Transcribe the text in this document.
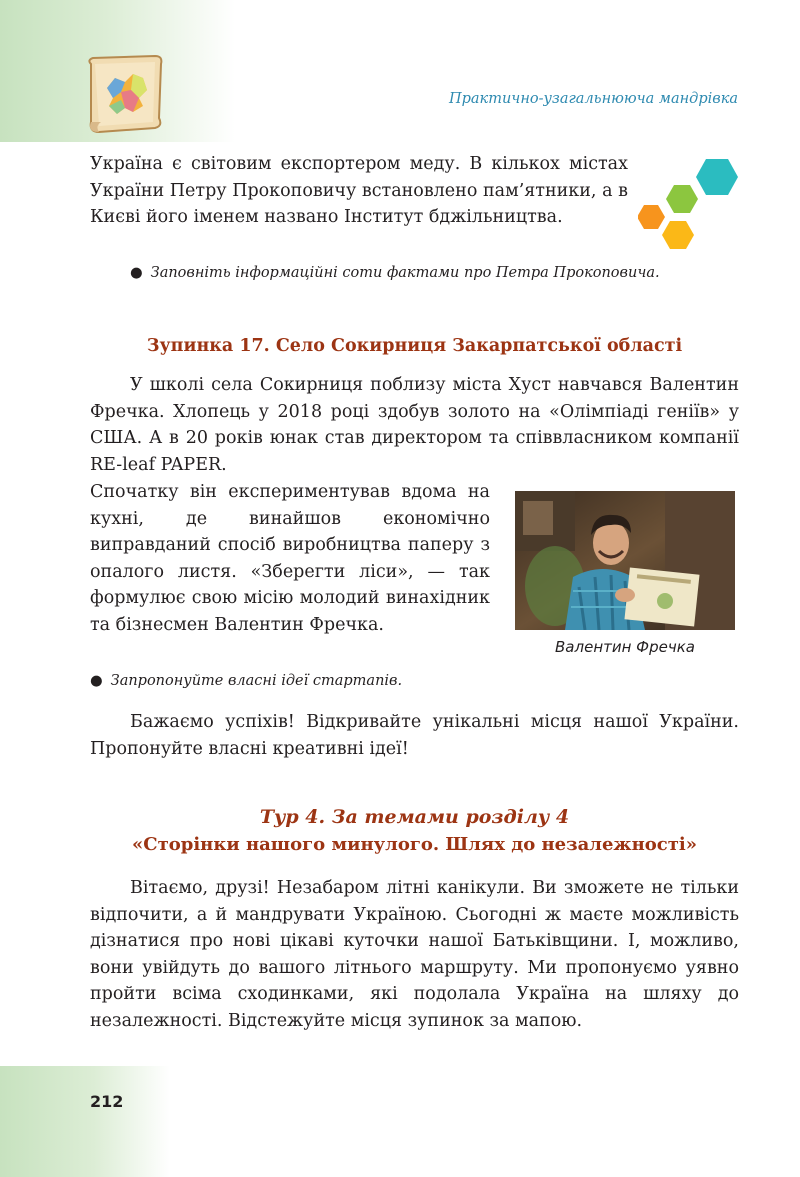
Практично-узагальнююча мандрівка
Україна є світовим експортером меду. В кількох містах України Петру Прокоповичу встановлено пам’ятники, а в Києві його іменем названо Інститут бджільництва.
● Заповніть інформаційні соти фактами про Петра Прокоповича.
Зупинка 17. Село Сокирниця Закарпатської області
У школі села Сокирниця поблизу міста Хуст навчався Валентин Фречка. Хлопець у 2018 році здобув золото на «Олімпіаді геніїв» у США. А в 20 років юнак став директором та співвласником компанії RE-leaf PAPER.
Спочатку він експериментував вдома на кухні, де винайшов економічно виправданий спосіб виробництва паперу з опалого листя. «Зберегти ліси», — так формулює свою місію молодий винахідник та бізнесмен Валентин Фречка.
Валентин Фречка
● Запропонуйте власні ідеї стартапів.
Бажаємо успіхів! Відкривайте унікальні місця нашої України. Пропонуйте власні креативні ідеї!
Тур 4. За темами розділу 4
«Сторінки нашого минулого. Шлях до незалежності»
Вітаємо, друзі! Незабаром літні канікули. Ви зможете не тільки відпочити, а й мандрувати Україною. Сьогодні ж маєте можливість дізнатися про нові цікаві куточки нашої Батьківщини. І, можливо, вони увійдуть до вашого літнього маршруту. Ми пропонуємо уявно пройти всіма сходинками, які подолала Україна на шляху до незалежності. Відстежуйте місця зупинок за мапою.
212
